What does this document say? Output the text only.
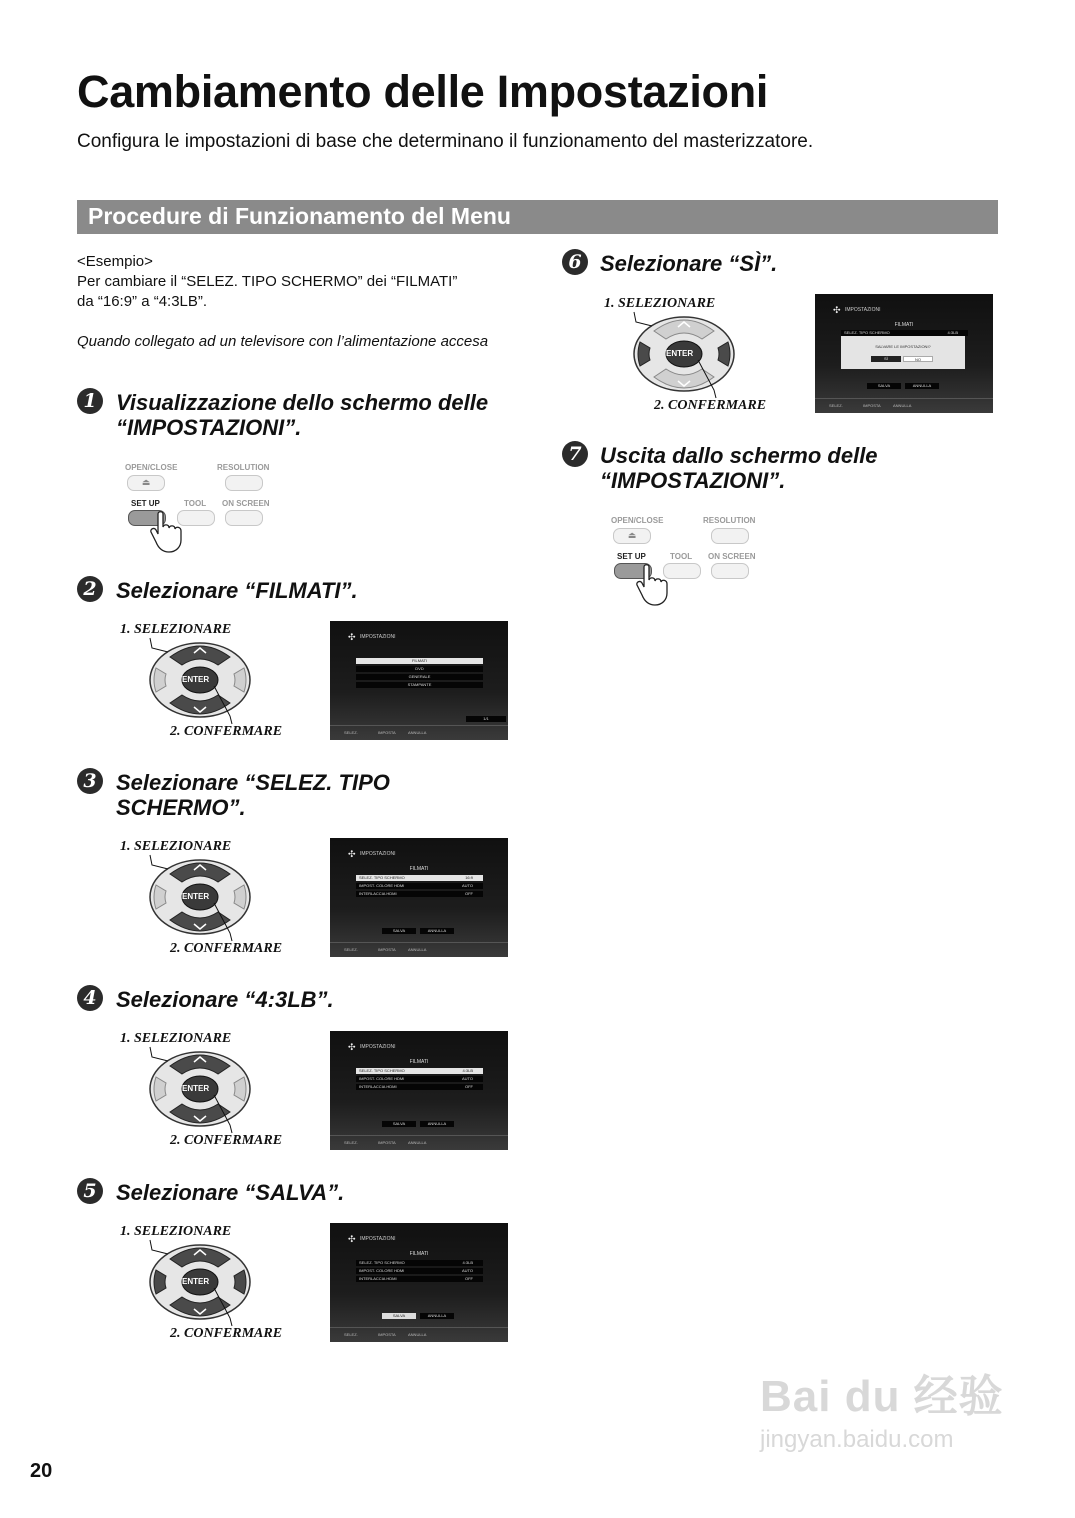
Cambiamento delle Impostazioni
Configura le impostazioni di base che determinano il funzionamento del masterizzatore.
Procedure di Funzionamento del Menu
<Esempio>
Per cambiare il “SELEZ. TIPO SCHERMO” dei “FILMATI”
da “16:9” a “4:3LB”.
Quando collegato ad un televisore con l’alimentazione accesa
1 Visualizzazione dello schermo delle
“IMPOSTAZIONI”.
2 Selezionare “FILMATI”.
3 Selezionare “SELEZ. TIPO
SCHERMO”.
4 Selezionare “4:3LB”.
5 Selezionare “SALVA”.
6 Selezionare “SÌ”.
7 Uscita dallo schermo delle
“IMPOSTAZIONI”.
OPEN/CLOSE	RESOLUTION
⏏
SET UP	TOOL ON SCREEN
OPEN/CLOSE	RESOLUTION
⏏
SET UP	TOOL ON SCREEN
1. SELEZIONARE
ENTER
2. CONFERMARE
1. SELEZIONARE
ENTER
2. CONFERMARE
1. SELEZIONARE
ENTER
2. CONFERMARE
1. SELEZIONARE
ENTER
2. CONFERMARE
1. SELEZIONARE
ENTER
2. CONFERMARE
✣ IMPOSTAZIONI
FILMATI
DVD
GENERALE
STAMPANTE
1/1
SELEZ.	IMPOSTA	ANNULLA
✣ IMPOSTAZIONI
FILMATI
SELEZ. TIPO SCHERMO	16:9
IMPOST. COLORE HDMI	AUTO
INTERLACCIA HDMI	OFF
SALVA	ANNULLA
SELEZ.	IMPOSTA	ANNULLA
✣ IMPOSTAZIONI
FILMATI
SELEZ. TIPO SCHERMO	4:3LB
IMPOST. COLORE HDMI	AUTO
INTERLACCIA HDMI	OFF
SALVA	ANNULLA
SELEZ.	IMPOSTA	ANNULLA
✣ IMPOSTAZIONI
FILMATI
SELEZ. TIPO SCHERMO	4:3LB
IMPOST. COLORE HDMI	AUTO
INTERLACCIA HDMI	OFF
SALVA	ANNULLA
SELEZ.	IMPOSTA	ANNULLA
✣ IMPOSTAZIONI
FILMATI
SELEZ. TIPO SCHERMO	4:3LB
SALVARE LE IMPOSTAZIONI?
SÌ	NO
SALVA	ANNULLA
SELEZ.	IMPOSTA	ANNULLA
20
Bai du 经验
jingyan.baidu.com
